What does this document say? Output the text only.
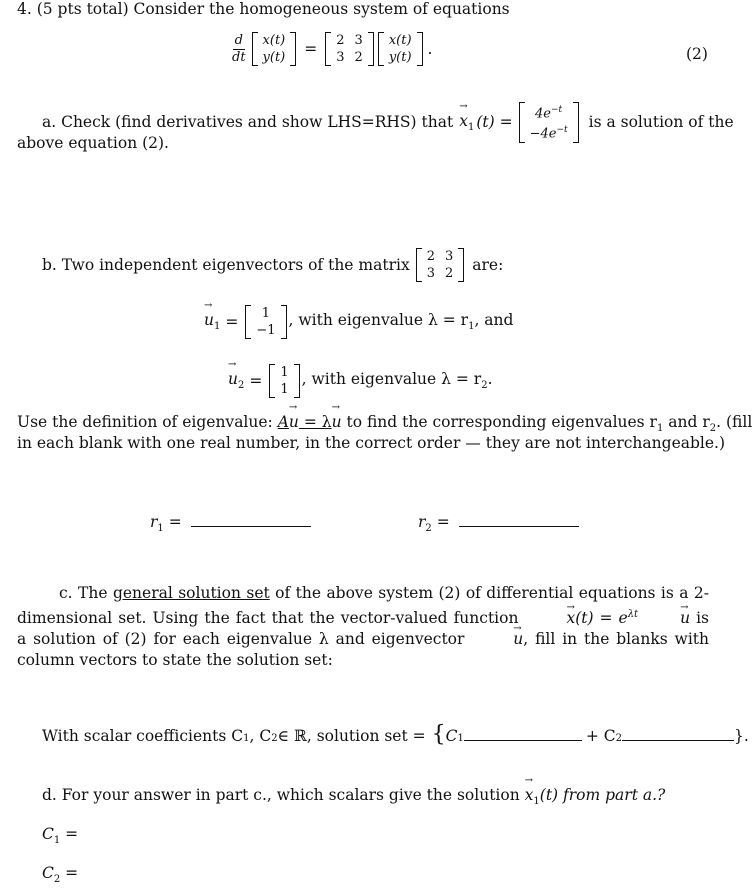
4. (5 pts total) Consider the homogeneous system of equations
$\frac{d}{dt} x(t)$
y(t) = 2
3
3
2
x(t)
y(t) .	(2)
a. Check (find derivatives and show LHS=RHS) that
→ $x_1$ $(t) = 4e^{-t}$
$-4e^{-t}$ is a solution of the
above equation (2).
b. Two independent eigenvectors of the matrix 2
3
3
2 are:
→ $u_1 = 1$
−1
, with eigenvalue $\lambda = r_1$, and
→ $u_2 = 1$
1
, with eigenvalue $\lambda = r_2$.
Use the definition of eigenvalue: A→ u = λ→ u to find the corresponding eigenvalues $r_1$ and $r_2$. (fill
in each blank with one real number, in the correct order — they are not interchangeable.)
$r_1$ =	$r_2$ =
c. The general solution set of the above system (2) of differential equations is a 2-dimensional set. Using the fact that the vector-valued function →	$x(t) = e^{\lambda t}\to$	u is a solution of (2) for each eigenvalue λ and eigenvector →	u, fill in the blanks with column vectors to state the solution set:
With scalar coefficients C 1 , C 2 ∈ ℝ, solution set = { C 1	+ C 2	}.
d. For your answer in part c., which scalars give the solution → $x_1(t)$ from part a.?
$C_1$ =
$C_2$ =
